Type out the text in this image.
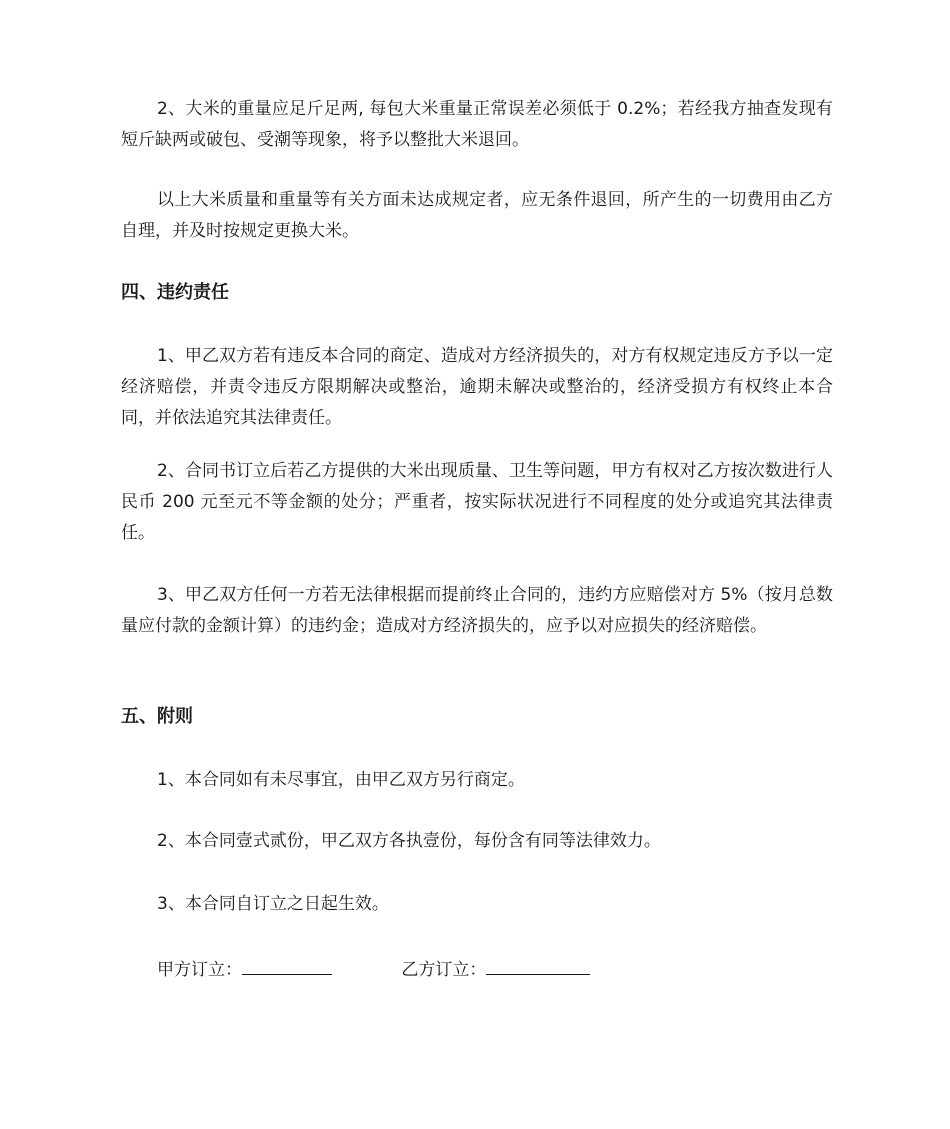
2、大米的重量应足斤足两, 每包大米重量正常误差必须低于 0.2%；若经我方抽查发现有短斤缺两或破包、受潮等现象，将予以整批大米退回。

以上大米质量和重量等有关方面未达成规定者，应无条件退回，所产生的一切费用由乙方自理，并及时按规定更换大米。

四、违约责任

1、甲乙双方若有违反本合同的商定、造成对方经济损失的，对方有权规定违反方予以一定经济赔偿，并责令违反方限期解决或整治，逾期未解决或整治的，经济受损方有权终止本合同，并依法追究其法律责任。

2、合同书订立后若乙方提供的大米出现质量、卫生等问题，甲方有权对乙方按次数进行人民币 200 元至元不等金额的处分；严重者，按实际状况进行不同程度的处分或追究其法律责任。

3、甲乙双方任何一方若无法律根据而提前终止合同的，违约方应赔偿对方 5%（按月总数量应付款的金额计算）的违约金；造成对方经济损失的，应予以对应损失的经济赔偿。

五、附则

1、本合同如有未尽事宜，由甲乙双方另行商定。

2、本合同壹式贰份，甲乙双方各执壹份，每份含有同等法律效力。

3、本合同自订立之日起生效。

甲方订立：	乙方订立：
